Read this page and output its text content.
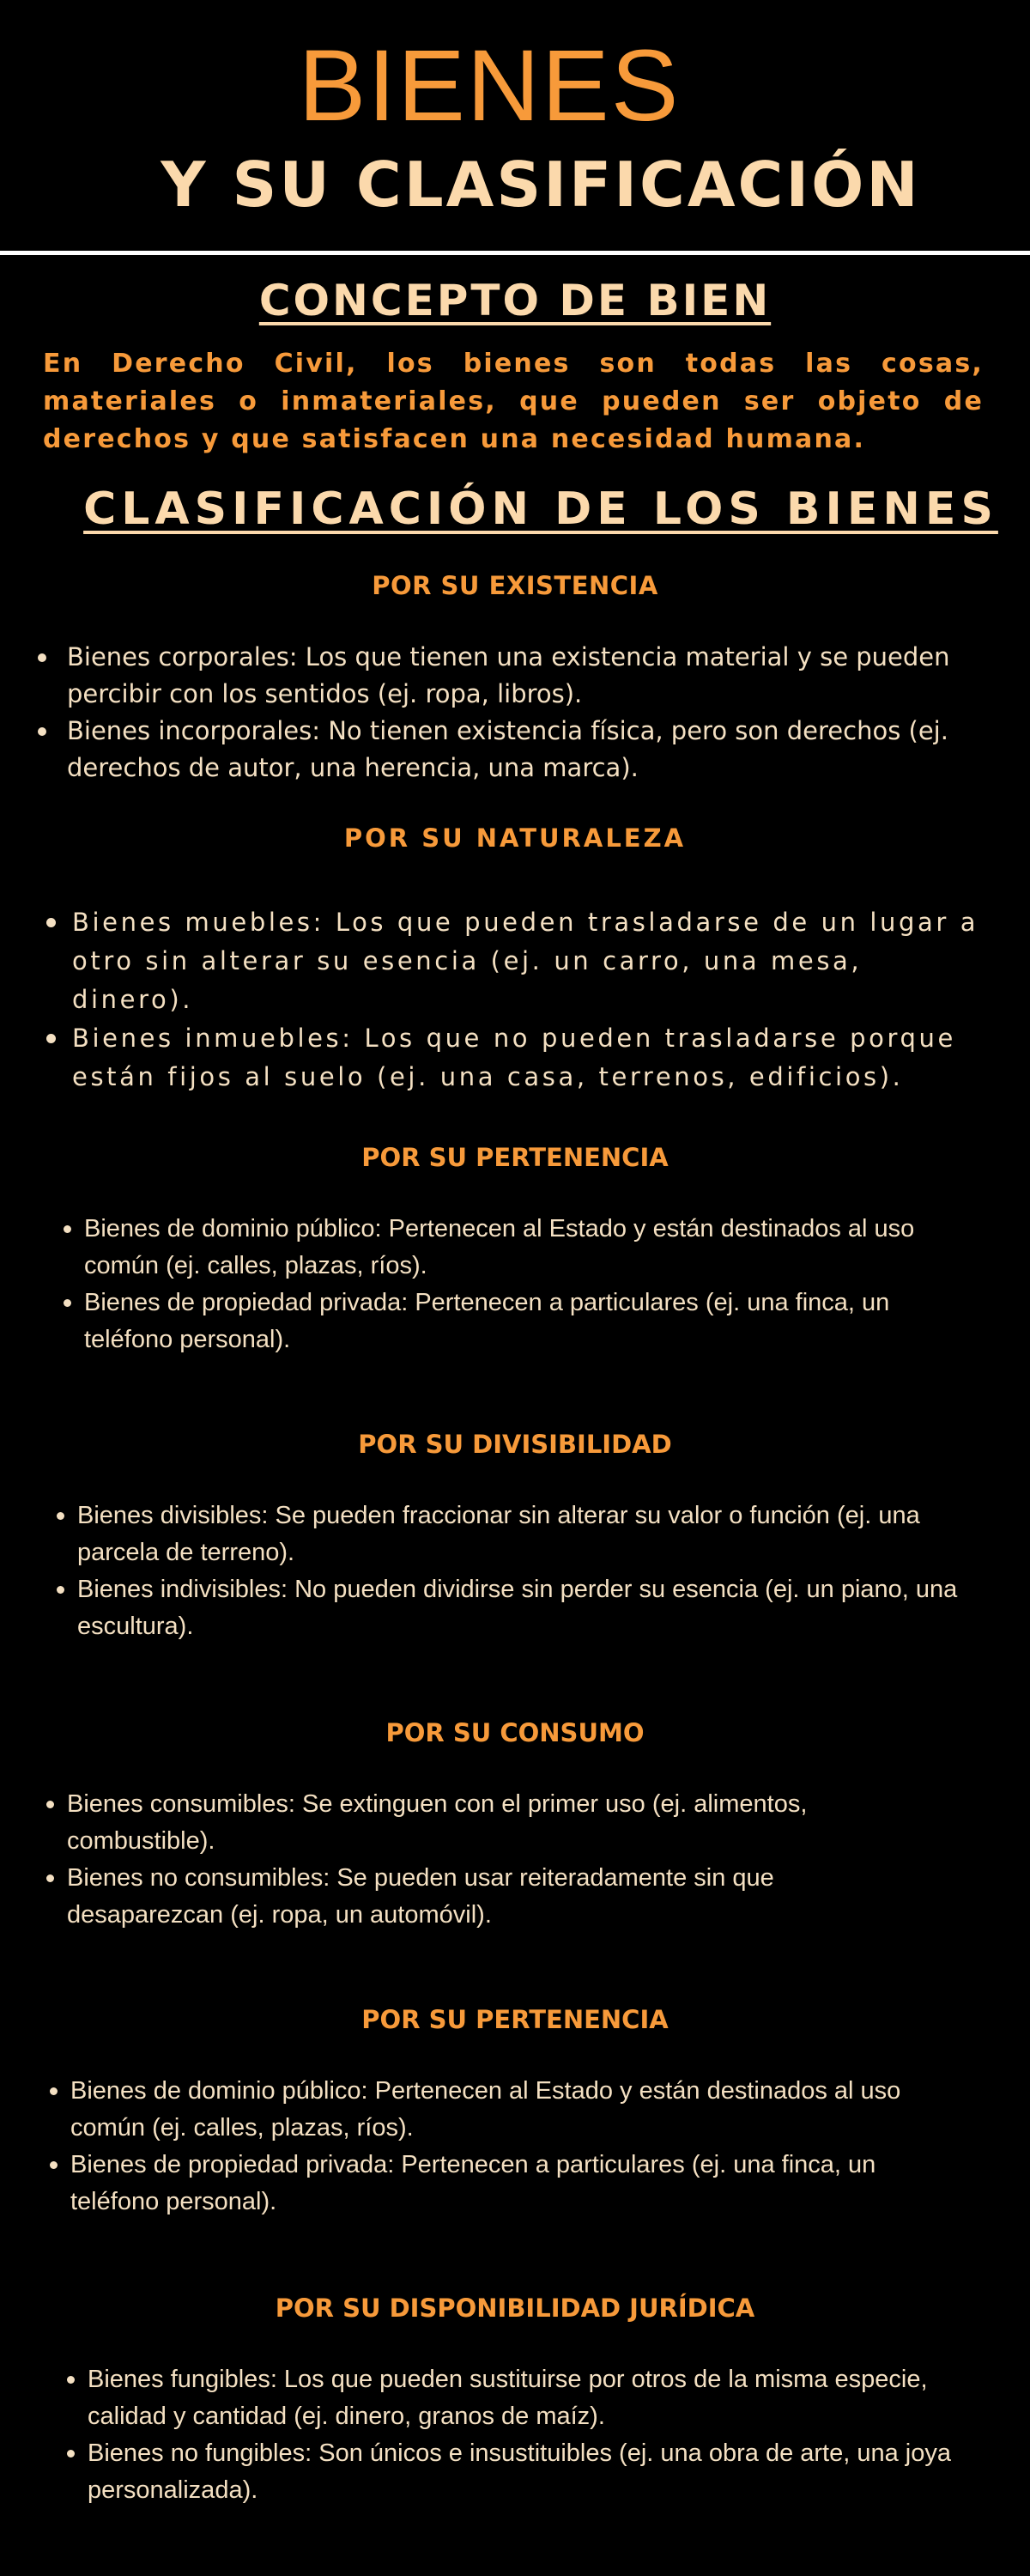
BIENES
Y SU CLASIFICACIÓN
CONCEPTO DE BIEN

En Derecho Civil, los bienes son todas las cosas, materiales o inmateriales, que pueden ser objeto de derechos y que satisfacen una necesidad humana.

CLASIFICACIÓN DE LOS BIENES
POR SU EXISTENCIA
Bienes corporales: Los que tienen una existencia material y se pueden percibir con los sentidos (ej. ropa, libros).
Bienes incorporales: No tienen existencia física, pero son derechos (ej. derechos de autor, una herencia, una marca).
POR SU NATURALEZA
Bienes muebles: Los que pueden trasladarse de un lugar a otro sin alterar su esencia (ej. un carro, una mesa, dinero).
Bienes inmuebles: Los que no pueden trasladarse porque están fijos al suelo (ej. una casa, terrenos, edificios).
POR SU PERTENENCIA
Bienes de dominio público: Pertenecen al Estado y están destinados al uso común (ej. calles, plazas, ríos).
Bienes de propiedad privada: Pertenecen a particulares (ej. una finca, un teléfono personal).
POR SU DIVISIBILIDAD
Bienes divisibles: Se pueden fraccionar sin alterar su valor o función (ej. una parcela de terreno).
Bienes indivisibles: No pueden dividirse sin perder su esencia (ej. un piano, una escultura).
POR SU CONSUMO
Bienes consumibles: Se extinguen con el primer uso (ej. alimentos, combustible).
Bienes no consumibles: Se pueden usar reiteradamente sin que desaparezcan (ej. ropa, un automóvil).
POR SU PERTENENCIA
Bienes de dominio público: Pertenecen al Estado y están destinados al uso común (ej. calles, plazas, ríos).
Bienes de propiedad privada: Pertenecen a particulares (ej. una finca, un teléfono personal).
POR SU DISPONIBILIDAD JURÍDICA
Bienes fungibles: Los que pueden sustituirse por otros de la misma especie, calidad y cantidad (ej. dinero, granos de maíz).
Bienes no fungibles: Son únicos e insustituibles (ej. una obra de arte, una joya personalizada).
